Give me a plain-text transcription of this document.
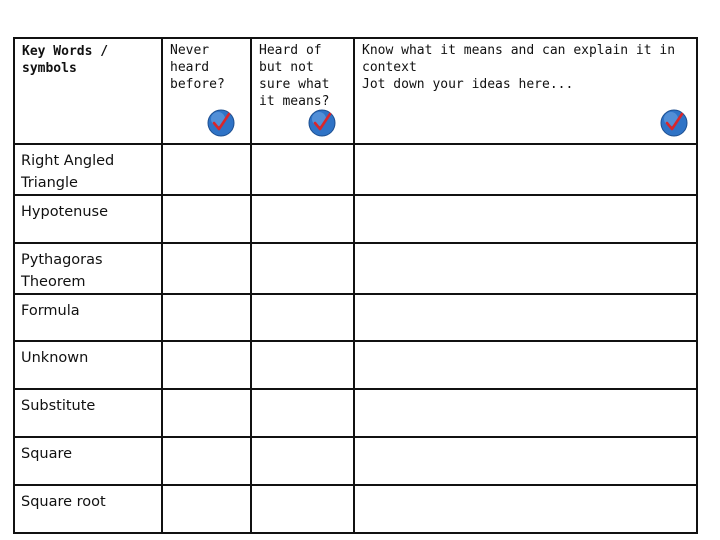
Key Words / symbols	Never heard before?	Heard of but not sure what it means?	Know what it means and can explain it in context
Jot down your ideas here...

Right Angled Triangle			

Hypotenuse			

Pythagoras Theorem			

Formula			

Unknown			

Substitute			

Square			

Square root			
